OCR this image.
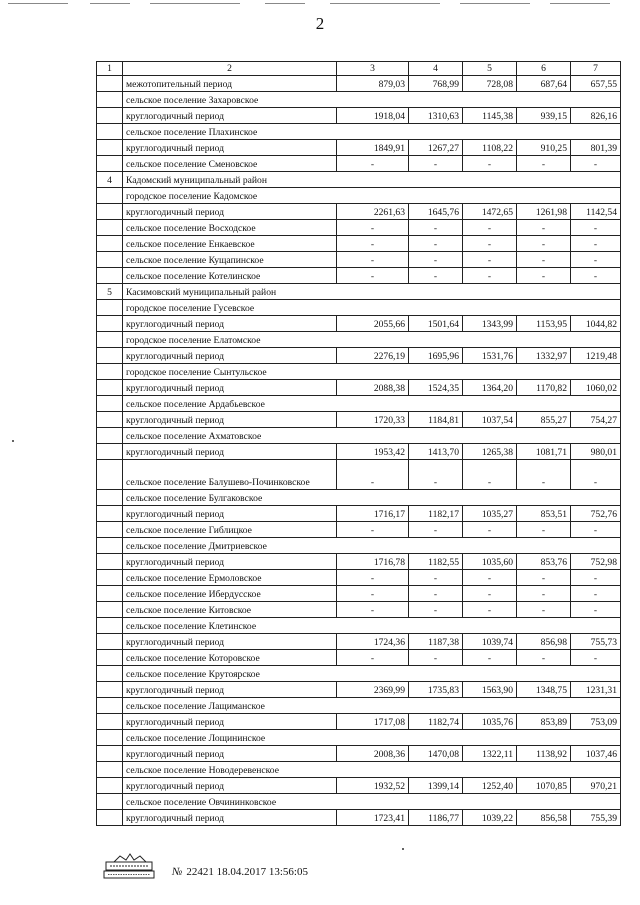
2
1	2	3	4	5	6	7
	межотопительный период	879,03	768,99	728,08	687,64	657,55
	сельское поселение Захаровское					
	круглогодичный период	1918,04	1310,63	1145,38	939,15	826,16
	сельское поселение Плахинское					
	круглогодичный период	1849,91	1267,27	1108,22	910,25	801,39
	сельское поселение Сменовское	-	-	-	-	-
4	Кадомский муниципальный район					
	городское поселение Кадомское					
	круглогодичный период	2261,63	1645,76	1472,65	1261,98	1142,54
	сельское поселение Восходское	-	-	-	-	-
	сельское поселение Енкаевское	-	-	-	-	-
	сельское поселение Кущапинское	-	-	-	-	-
	сельское поселение Котелинское	-	-	-	-	-
5	Касимовский муниципальный район					
	городское поселение Гусевское					
	круглогодичный период	2055,66	1501,64	1343,99	1153,95	1044,82
	городское поселение Елатомское					
	круглогодичный период	2276,19	1695,96	1531,76	1332,97	1219,48
	городское поселение Сынтульское					
	круглогодичный период	2088,38	1524,35	1364,20	1170,82	1060,02
	сельское поселение Ардабьевское					
	круглогодичный период	1720,33	1184,81	1037,54	855,27	754,27
	сельское поселение Ахматовское					
	круглогодичный период	1953,42	1413,70	1265,38	1081,71	980,01
	сельское поселение Балушево-Починковское	-	-	-	-	-
	сельское поселение Булгаковское					
	круглогодичный период	1716,17	1182,17	1035,27	853,51	752,76
	сельское поселение Гиблицкое	-	-	-	-	-
	сельское поселение Дмитриевское					
	круглогодичный период	1716,78	1182,55	1035,60	853,76	752,98
	сельское поселение Ермоловское	-	-	-	-	-
	сельское поселение Ибердусское	-	-	-	-	-
	сельское поселение Китовское	-	-	-	-	-
	сельское поселение Клетинское					
	круглогодичный период	1724,36	1187,38	1039,74	856,98	755,73
	сельское поселение Которовское	-	-	-	-	-
	сельское поселение Крутоярское					
	круглогодичный период	2369,99	1735,83	1563,90	1348,75	1231,31
	сельское поселение Лащиманское					
	круглогодичный период	1717,08	1182,74	1035,76	853,89	753,09
	сельское поселение Лощининское					
	круглогодичный период	2008,36	1470,08	1322,11	1138,92	1037,46
	сельское поселение Новодеревенское					
	круглогодичный период	1932,52	1399,14	1252,40	1070,85	970,21
	сельское поселение Овчининковское					
	круглогодичный период	1723,41	1186,77	1039,22	856,58	755,39
№ 22421 18.04.2017 13:56:05
